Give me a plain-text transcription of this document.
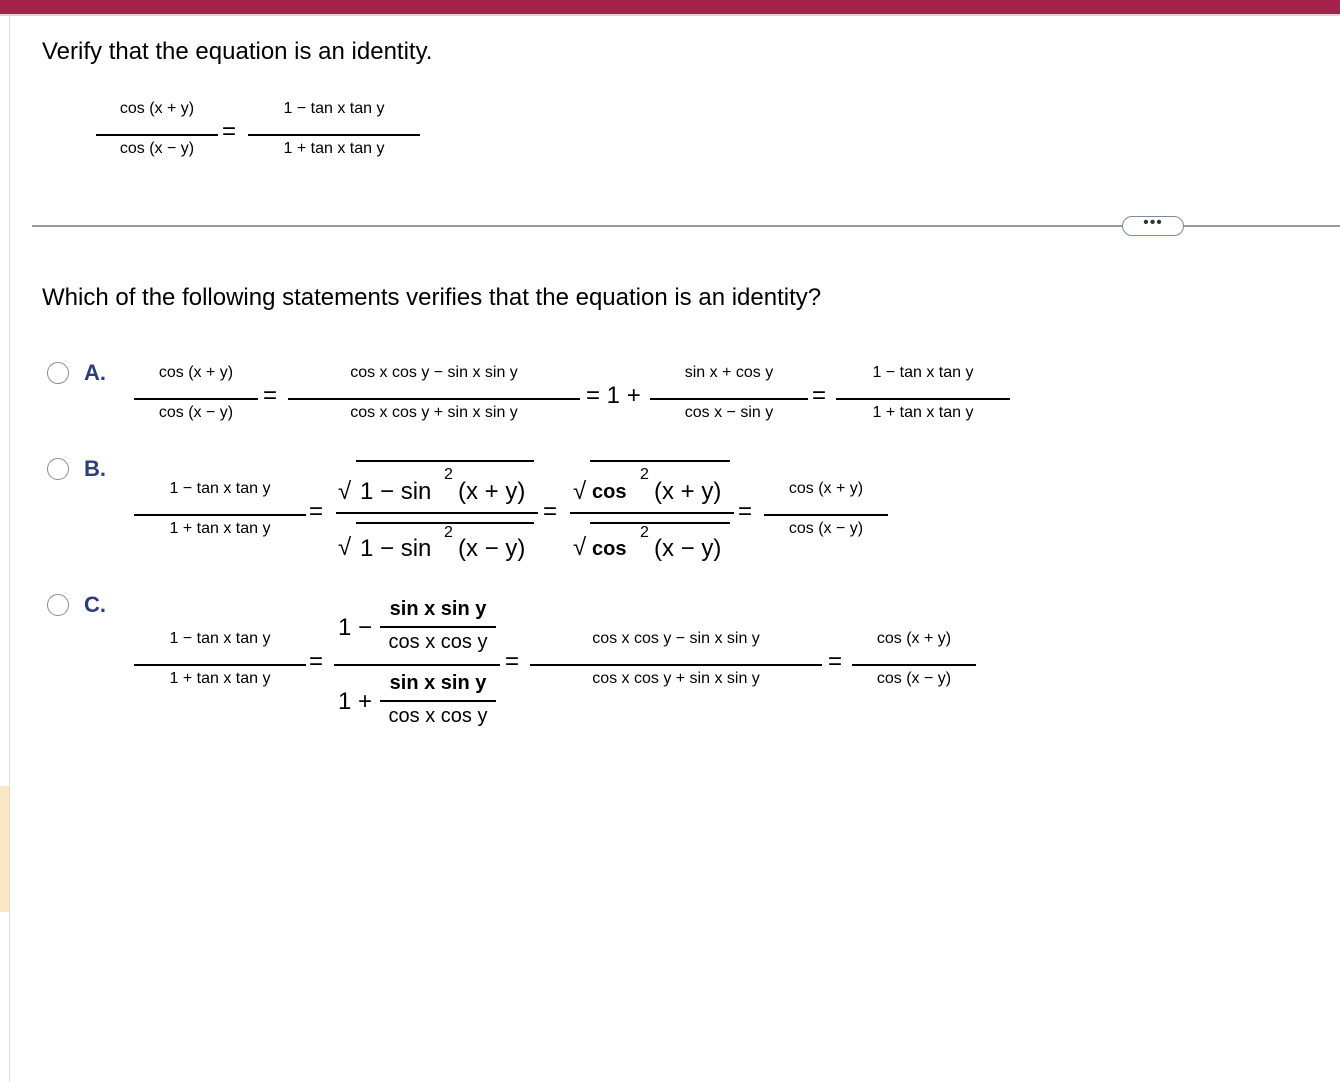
Verify that the equation is an identity.
cos (x + y)
cos (x − y)
=
1 − tan x tan y
1 + tan x tan y
•••
Which of the following statements verifies that the equation is an identity?
A.	cos (x + y)
cos (x − y)
=
cos x cos y − sin x sin y
cos x cos y + sin x sin y
= 1 +
sin x + cos y
cos x − sin y
=
1 − tan x tan y
1 + tan x tan y
B.
1 − tan x tan y
1 + tan x tan y
=
√ 1 − sin
2
(x + y)
√ 1 − sin
2
(x − y)
=
√ cos
2
(x + y)
√ cos
2
(x − y)
=
cos (x + y)
cos (x − y)
C.
1 − tan x tan y
1 + tan x tan y
=
1 −
sin x sin y
cos x cos y
1 +
sin x sin y
cos x cos y
=
cos x cos y − sin x sin y
cos x cos y + sin x sin y
=
cos (x + y)
cos (x − y)
